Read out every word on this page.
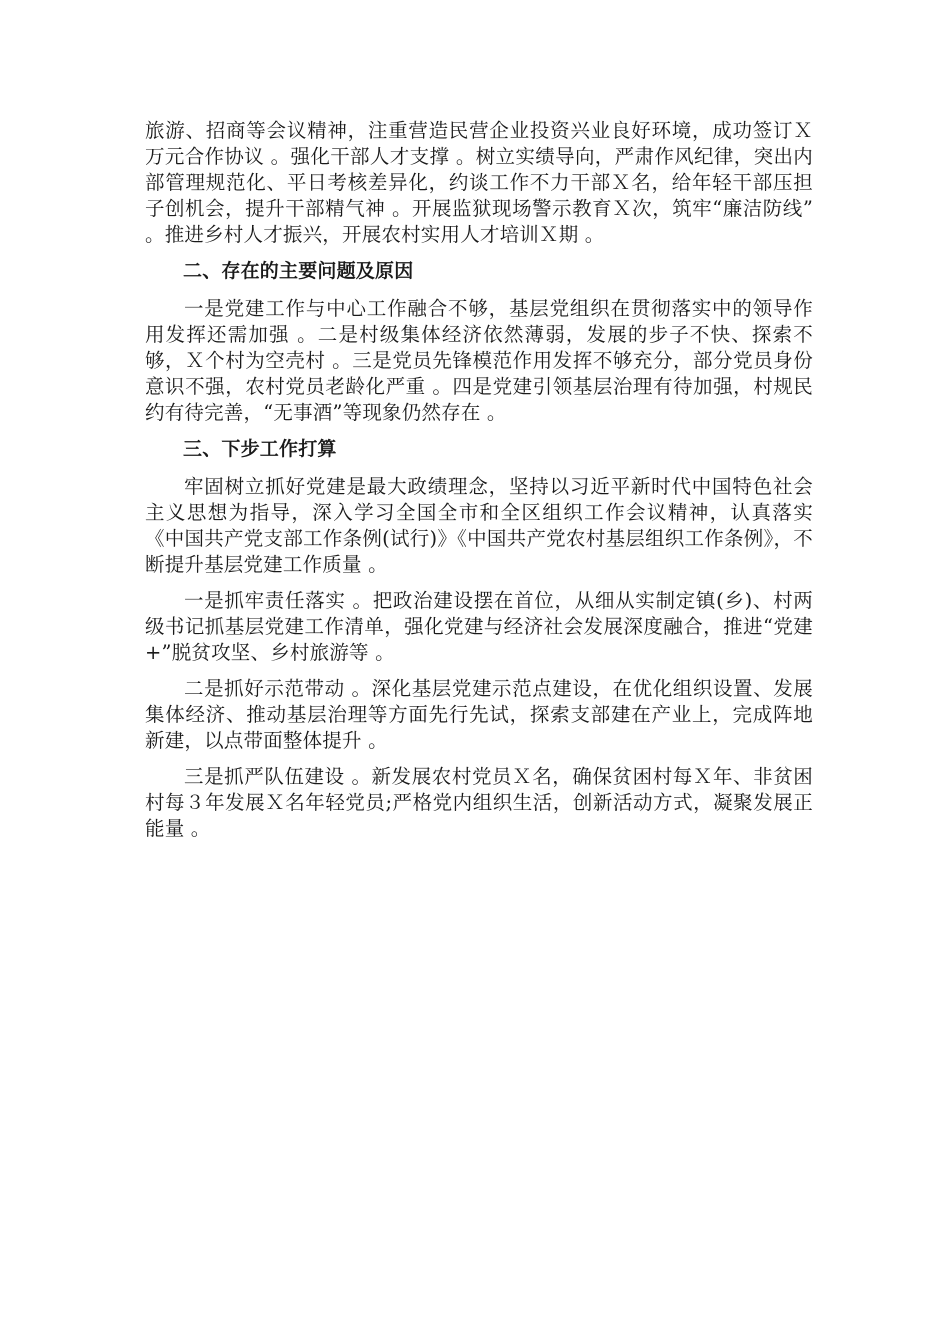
旅游、招商等会议精神，注重营造民营企业投资兴业良好环境，成功签订Ｘ万元合作协议 。强化干部人才支撑 。树立实绩导向，严肃作风纪律，突出内部管理规范化、平日考核差异化，约谈工作不力干部Ｘ名，给年轻干部压担子创机会，提升干部精气神 。开展监狱现场警示教育Ｘ次，筑牢“廉洁防线” 。推进乡村人才振兴，开展农村实用人才培训Ｘ期 。

二、存在的主要问题及原因

一是党建工作与中心工作融合不够，基层党组织在贯彻落实中的领导作用发挥还需加强 。二是村级集体经济依然薄弱，发展的步子不快、探索不够，Ｘ个村为空壳村 。三是党员先锋模范作用发挥不够充分，部分党员身份意识不强，农村党员老龄化严重 。四是党建引领基层治理有待加强，村规民约有待完善，“无事酒”等现象仍然存在 。

三、下步工作打算

牢固树立抓好党建是最大政绩理念，坚持以习近平新时代中国特色社会主义思想为指导，深入学习全国全市和全区组织工作会议精神，认真落实《中国共产党支部工作条例(试行)》《中国共产党农村基层组织工作条例》，不断提升基层党建工作质量 。

一是抓牢责任落实 。把政治建设摆在首位，从细从实制定镇(乡)、村两级书记抓基层党建工作清单，强化党建与经济社会发展深度融合，推进“党建+”脱贫攻坚、乡村旅游等 。

二是抓好示范带动 。深化基层党建示范点建设，在优化组织设置、发展集体经济、推动基层治理等方面先行先试，探索支部建在产业上，完成阵地新建，以点带面整体提升 。

三是抓严队伍建设 。新发展农村党员Ｘ名，确保贫困村每Ｘ年、非贫困村每３年发展Ｘ名年轻党员;严格党内组织生活，创新活动方式，凝聚发展正能量 。
